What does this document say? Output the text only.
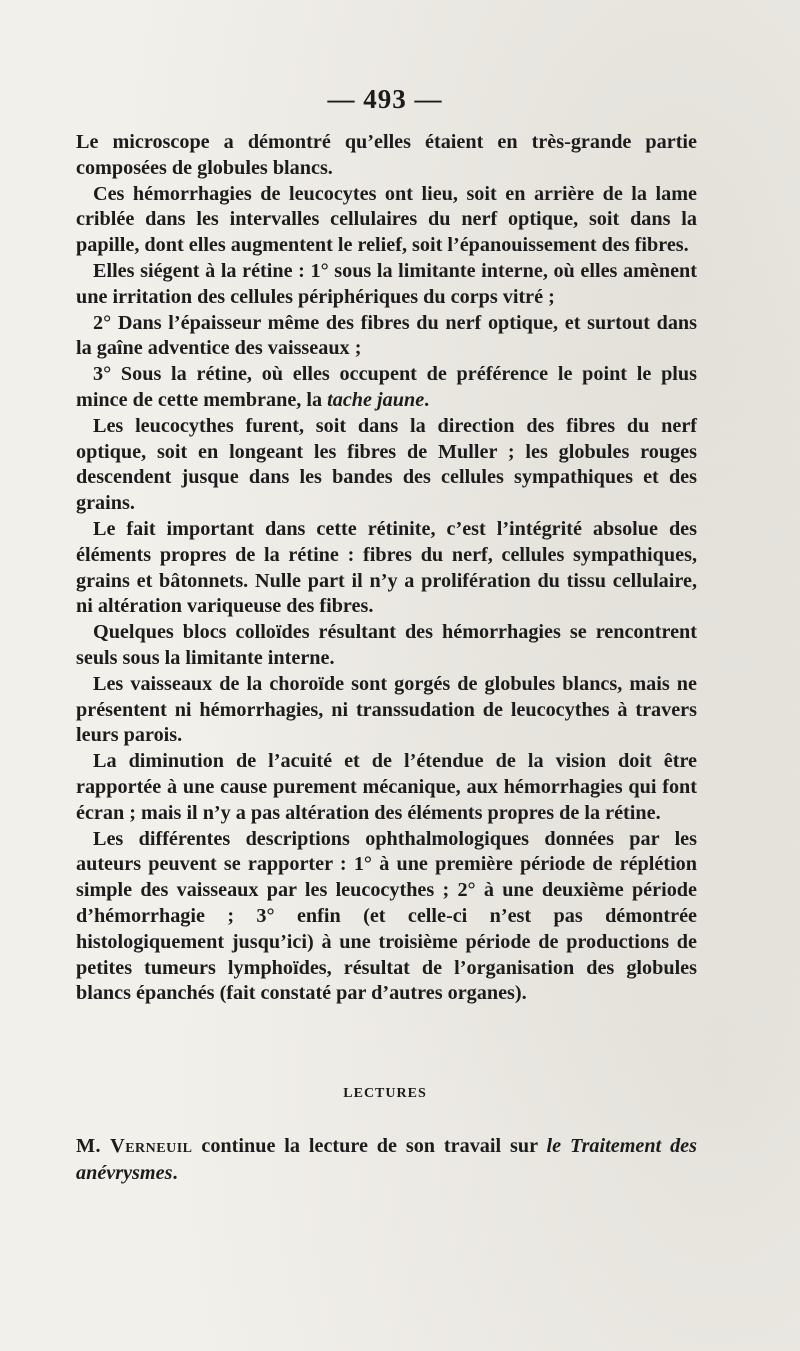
— 493 —

Le microscope a démontré qu’elles étaient en très-grande partie composées de globules blancs.

Ces hémorrhagies de leucocytes ont lieu, soit en arrière de la lame criblée dans les intervalles cellulaires du nerf optique, soit dans la papille, dont elles augmentent le relief, soit l’épanouissement des fibres.

Elles siégent à la rétine : 1° sous la limitante interne, où elles amènent une irritation des cellules périphériques du corps vitré ;

2° Dans l’épaisseur même des fibres du nerf optique, et surtout dans la gaîne adventice des vaisseaux ;

3° Sous la rétine, où elles occupent de préférence le point le plus mince de cette membrane, la tache jaune.

Les leucocythes furent, soit dans la direction des fibres du nerf optique, soit en longeant les fibres de Muller ; les globules rouges descendent jusque dans les bandes des cellules sympathiques et des grains.

Le fait important dans cette rétinite, c’est l’intégrité absolue des éléments propres de la rétine : fibres du nerf, cellules sympathiques, grains et bâtonnets. Nulle part il n’y a prolifération du tissu cellulaire, ni altération variqueuse des fibres.

Quelques blocs colloïdes résultant des hémorrhagies se rencontrent seuls sous la limitante interne.

Les vaisseaux de la choroïde sont gorgés de globules blancs, mais ne présentent ni hémorrhagies, ni transsudation de leucocythes à travers leurs parois.

La diminution de l’acuité et de l’étendue de la vision doit être rapportée à une cause purement mécanique, aux hémorrhagies qui font écran ; mais il n’y a pas altération des éléments propres de la rétine.

Les différentes descriptions ophthalmologiques données par les auteurs peuvent se rapporter : 1° à une première période de réplétion simple des vaisseaux par les leucocythes ; 2° à une deuxième période d’hémorrhagie ; 3° enfin (et celle-ci n’est pas démontrée histologiquement jusqu’ici) à une troisième période de productions de petites tumeurs lymphoïdes, résultat de l’organisation des globules blancs épanchés (fait constaté par d’autres organes).

LECTURES
M. Verneuil continue la lecture de son travail sur le Traitement des anévrysmes.
